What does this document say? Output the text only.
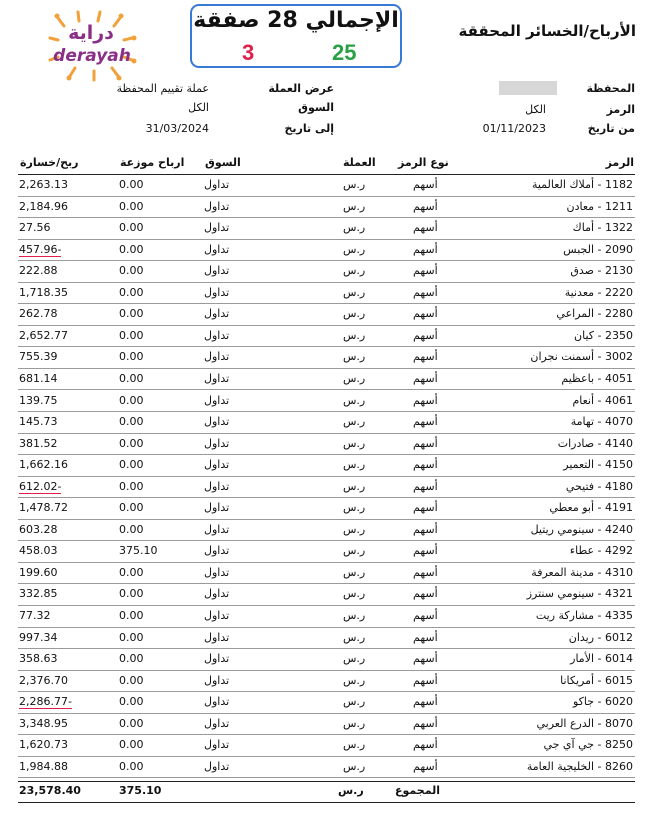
دراية
derayah
الإجمالي 28 صفقة
25
3
الأرباح/الخسائر المحققة
المحفظة
الرمز
الكل
من تاريخ
01/11/2023
عرض العملة
عملة تقييم المحفظة
السوق
الكل
إلى تاريخ
31/03/2024
الرمز
نوع الرمز
العملة
السوق
ارباح موزعة
ربح/خسارة
1182 - أملاك العالمية
أسهم
ر.س
تداول
0.00
2,263.13
1211 - معادن
أسهم
ر.س
تداول
0.00
2,184.96
1322 - أماك
أسهم
ر.س
تداول
0.00
27.56
2090 - الجبس
أسهم
ر.س
تداول
0.00
457.96-
2130 - صدق
أسهم
ر.س
تداول
0.00
222.88
2220 - معدنية
أسهم
ر.س
تداول
0.00
1,718.35
2280 - المراعي
أسهم
ر.س
تداول
0.00
262.78
2350 - كيان
أسهم
ر.س
تداول
0.00
2,652.77
3002 - أسمنت نجران
أسهم
ر.س
تداول
0.00
755.39
4051 - باعظيم
أسهم
ر.س
تداول
0.00
681.14
4061 - أنعام
أسهم
ر.س
تداول
0.00
139.75
4070 - تهامة
أسهم
ر.س
تداول
0.00
145.73
4140 - صادرات
أسهم
ر.س
تداول
0.00
381.52
4150 - التعمير
أسهم
ر.س
تداول
0.00
1,662.16
4180 - فتيحي
أسهم
ر.س
تداول
0.00
612.02-
4191 - أبو معطي
أسهم
ر.س
تداول
0.00
1,478.72
4240 - سينومي ريتيل
أسهم
ر.س
تداول
0.00
603.28
4292 - عطاء
أسهم
ر.س
تداول
375.10
458.03
4310 - مدينة المعرفة
أسهم
ر.س
تداول
0.00
199.60
4321 - سينومي سنترز
أسهم
ر.س
تداول
0.00
332.85
4335 - مشاركة ريت
أسهم
ر.س
تداول
0.00
77.32
6012 - ريدان
أسهم
ر.س
تداول
0.00
997.34
6014 - الأمار
أسهم
ر.س
تداول
0.00
358.63
6015 - أمريكانا
أسهم
ر.س
تداول
0.00
2,376.70
6020 - جاكو
أسهم
ر.س
تداول
0.00
2,286.77-
8070 - الدرع العربي
أسهم
ر.س
تداول
0.00
3,348.95
8250 - جي آي جي
أسهم
ر.س
تداول
0.00
1,620.73
8260 - الخليجية العامة
أسهم
ر.س
تداول
0.00
1,984.88
المجموع
ر.س
375.10
23,578.40
